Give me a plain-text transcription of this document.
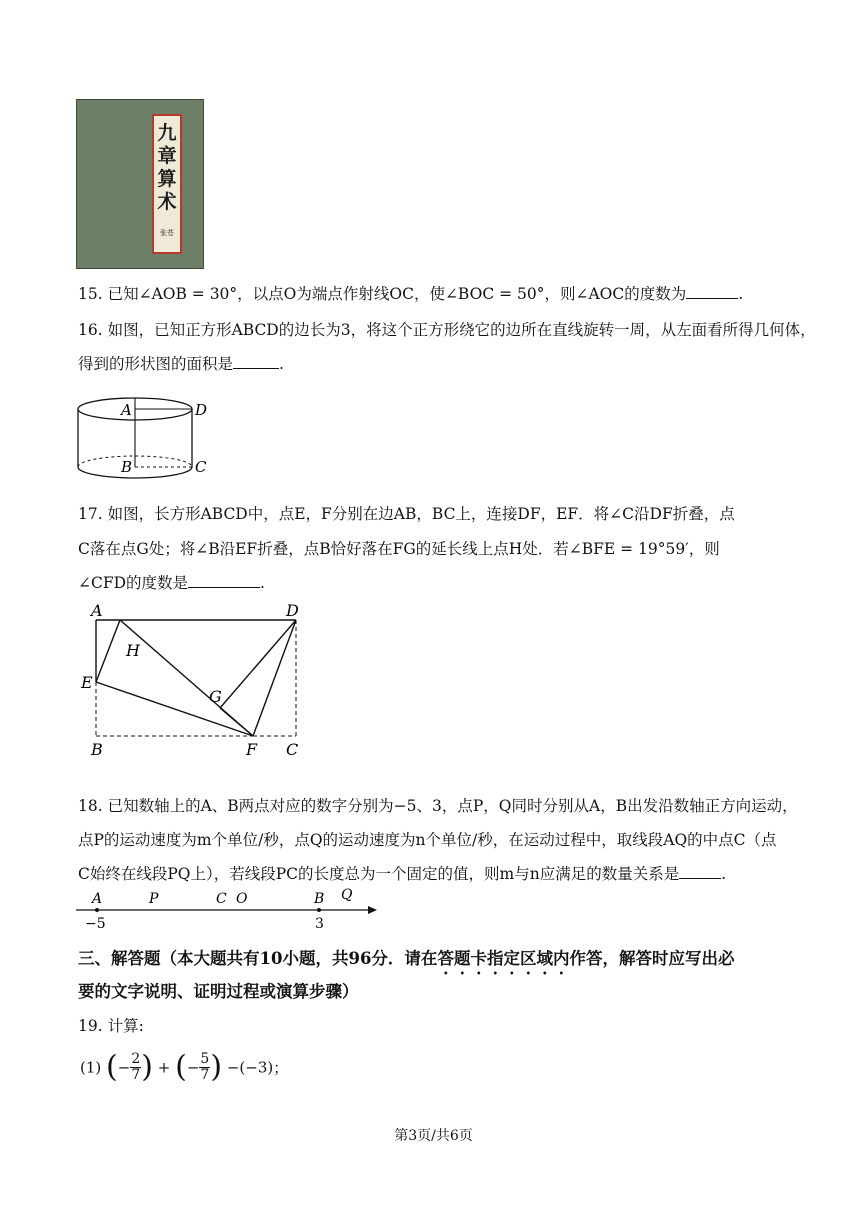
九
章
算
术
张苍
15. 已知∠AOB = 30°，以点O为端点作射线OC，使∠BOC = 50°，则∠AOC的度数为	.
16. 如图，已知正方形ABCD的边长为3，将这个正方形绕它的边所在直线旋转一周，从左面看所得几何体，
得到的形状图的面积是	.
A	D
B	C
17. 如图，长方形ABCD中，点E，F分别在边AB，BC上，连接DF，EF．将∠C沿DF折叠，点
C落在点G处；将∠B沿EF折叠，点B恰好落在FG的延长线上点H处．若∠BFE = 19°59′，则
∠CFD的度数是	.
A	D
H
E
G
B	F C
18. 已知数轴上的A、B两点对应的数字分别为−5、3，点P，Q同时分别从A，B出发沿数轴正方向运动，
点P的运动速度为m个单位/秒，点Q的运动速度为n个单位/秒，在运动过程中，取线段AQ的中点C（点
C始终在线段PQ上），若线段PC的长度总为一个固定的值，则m与n应满足的数量关系是	.
A	P	C O	B Q
−5	3
三、解答题（本大题共有10小题，共96分．请在答题卡指定区域内作答，解答时应写出必
要的文字说明、证明过程或演算步骤）
19. 计算:
(1) (− $\frac{2}{7}$ ) + (− $\frac{5}{7}$ ) −(−3)；
第3页/共6页
